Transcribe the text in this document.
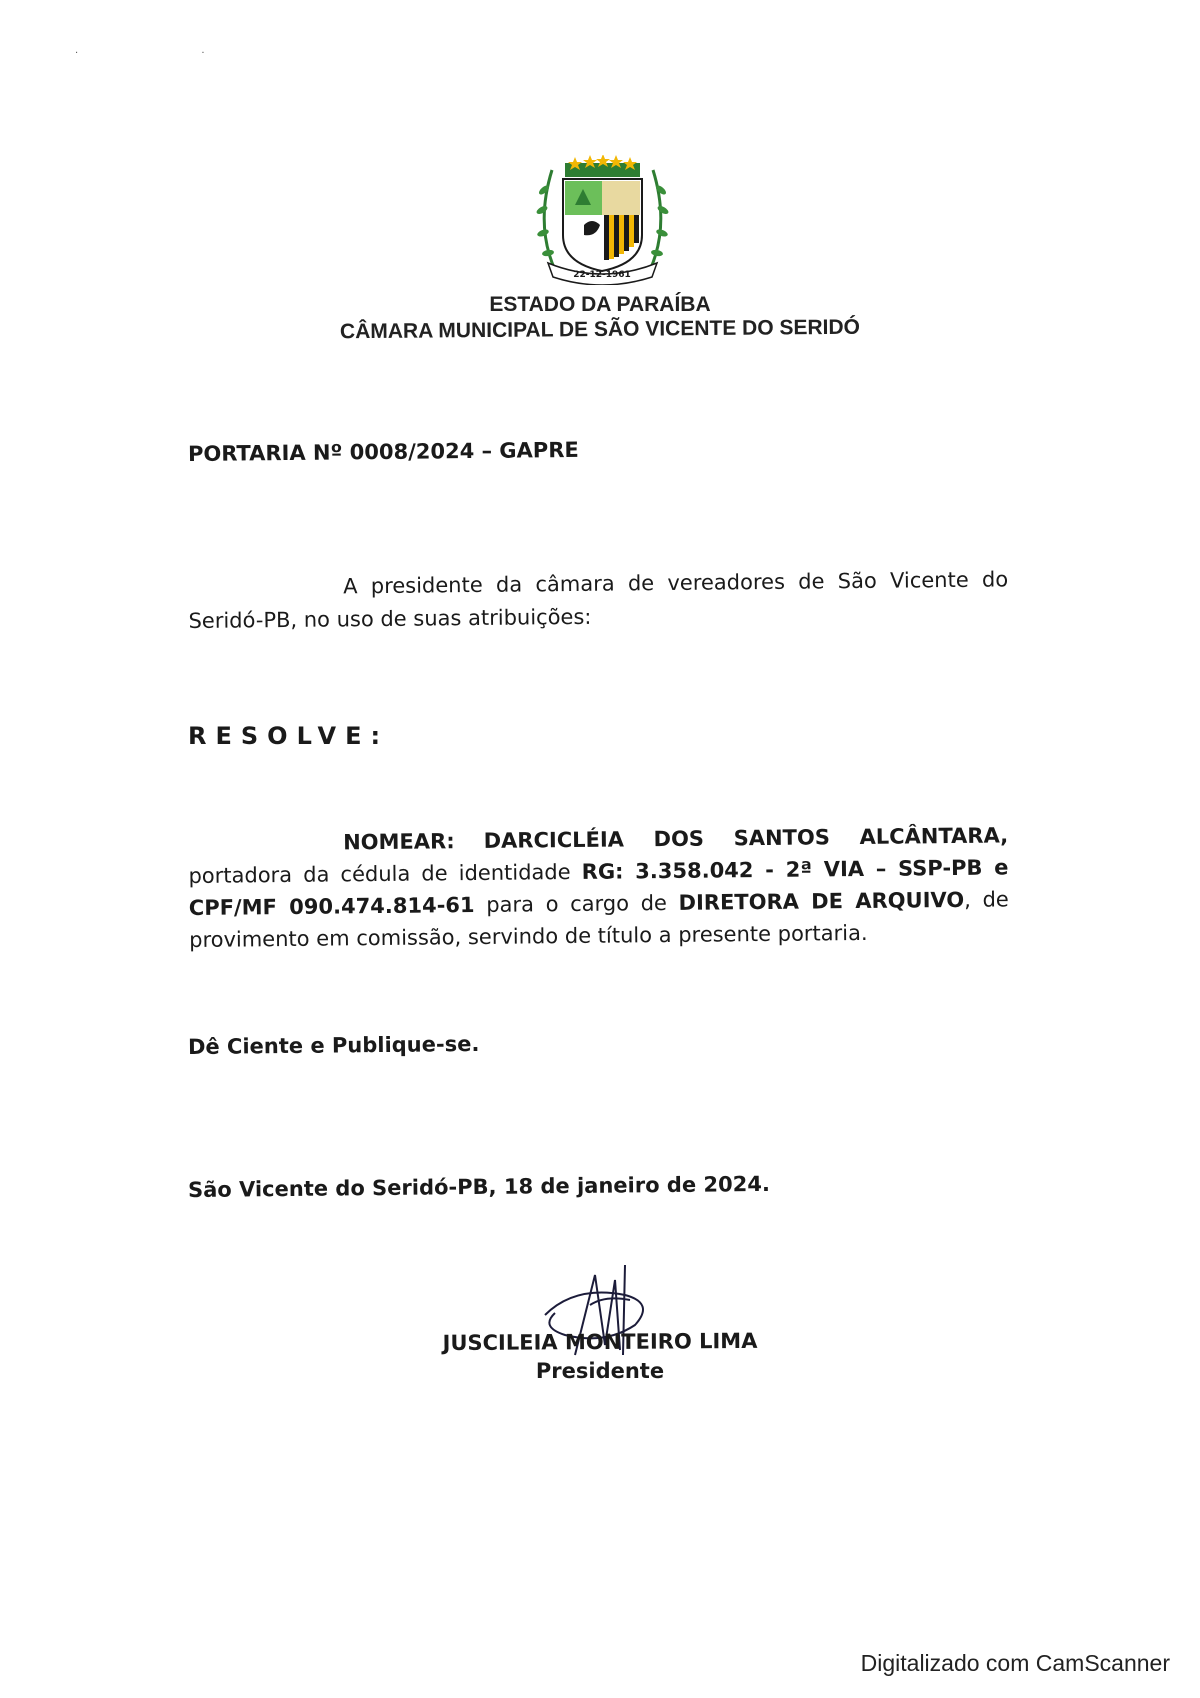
· ·
22-12-1961
ESTADO DA PARAÍBA
CÂMARA MUNICIPAL DE SÃO VICENTE DO SERIDÓ
PORTARIA Nº 0008/2024 – GAPRE
A presidente da câmara de vereadores de São Vicente do Seridó-PB, no uso de suas atribuições:
RESOLVE:
NOMEAR: DARCICLÉIA DOS SANTOS ALCÂNTARA, portadora da cédula de identidade RG: 3.358.042 - 2ª VIA – SSP-PB e CPF/MF 090.474.814-61 para o cargo de DIRETORA DE ARQUIVO, de provimento em comissão, servindo de título a presente portaria.
Dê Ciente e Publique-se.
São Vicente do Seridó-PB, 18 de janeiro de 2024.
JUSCILEIA MONTEIRO LIMA
Presidente
Digitalizado com CamScanner
